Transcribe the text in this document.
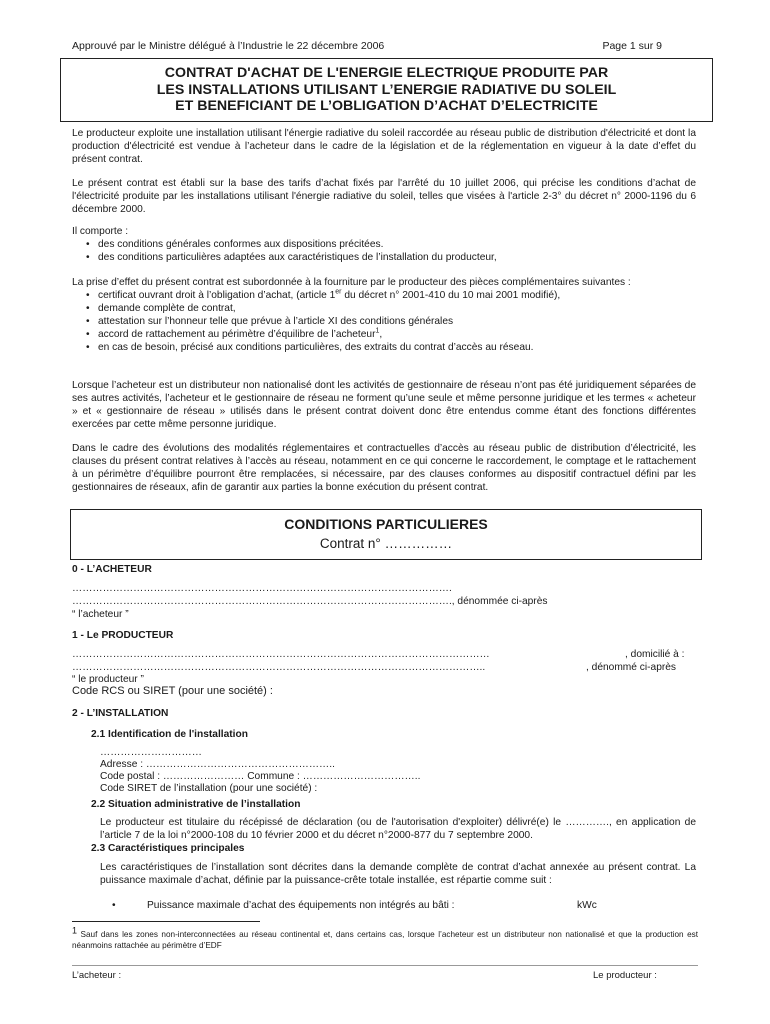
Approuvé par le Ministre délégué à l’Industrie le 22 décembre 2006	Page 1 sur 9
CONTRAT D'ACHAT DE L'ENERGIE ELECTRIQUE PRODUITE PAR
LES INSTALLATIONS UTILISANT L’ENERGIE RADIATIVE DU SOLEIL
ET BENEFICIANT DE L’OBLIGATION D’ACHAT D’ELECTRICITE
Le producteur exploite une installation utilisant l'énergie radiative du soleil raccordée au réseau public de distribution d'électricité et dont la production d'électricité est vendue à l’acheteur dans le cadre de la législation et de la réglementation en vigueur à la date d’effet du présent contrat.
Le présent contrat est établi sur la base des tarifs d’achat fixés par l'arrêté du 10 juillet 2006, qui précise les conditions d’achat de l'électricité produite par les installations utilisant l'énergie radiative du soleil, telles que visées à l'article 2-3° du décret n° 2000-1196 du 6 décembre 2000.
Il comporte :
• des conditions générales conformes aux dispositions précitées.
• des conditions particulières adaptées aux caractéristiques de l’installation du producteur,
La prise d’effet du présent contrat est subordonnée à la fourniture par le producteur des pièces complémentaires suivantes :
• certificat ouvrant droit à l’obligation d’achat, (article 1er du décret n° 2001-410 du 10 mai 2001 modifié),
• demande complète de contrat,
• attestation sur l’honneur telle que prévue à l’article XI des conditions générales
• accord de rattachement au périmètre d’équilibre de l’acheteur$^1$,
• en cas de besoin, précisé aux conditions particulières, des extraits du contrat d’accès au réseau.
Lorsque l’acheteur est un distributeur non nationalisé dont les activités de gestionnaire de réseau n’ont pas été juridiquement séparées de ses autres activités, l’acheteur et le gestionnaire de réseau ne forment qu’une seule et même personne juridique et les termes « acheteur » et « gestionnaire de réseau » utilisés dans le présent contrat doivent donc être entendus comme étant des fonctions différentes exercées par cette même personne juridique.
Dans le cadre des évolutions des modalités réglementaires et contractuelles d’accès au réseau public de distribution d’électricité, les clauses du présent contrat relatives à l’accès au réseau, notamment en ce qui concerne le raccordement, le comptage et le rattachement à un périmètre d’équilibre pourront être remplacées, si nécessaire, par des clauses conformes au dispositif contractuel défini par les gestionnaires de réseaux, afin de garantir aux parties la bonne exécution du présent contrat.
CONDITIONS PARTICULIERES
Contrat n° ……………
0 - L’ACHETEUR
………………………………………………………………………………………………….
…………………………………………………………………………………………………., dénommée ci-après
“ l’acheteur ”
1 - Le PRODUCTEUR
……………………………………………………………………………………………………………	, domicilié à :
…………………………………………………………………………………………………………..	, dénommé ci-après
“ le producteur ”
Code RCS ou SIRET (pour une société) :
2 - L’INSTALLATION
2.1 Identification de l'installation
…………………………
Adresse : ………………………………………………..
Code postal : …………………… Commune : ……………………………..
Code SIRET de l’installation (pour une société) :
2.2 Situation administrative de l’installation
Le producteur est titulaire du récépissé de déclaration (ou de l'autorisation d'exploiter) délivré(e) le …………., en application de l’article 7 de la loi n°2000-108 du 10 février 2000 et du décret n°2000-877 du 7 septembre 2000.
2.3 Caractéristiques principales
Les caractéristiques de l’installation sont décrites dans la demande complète de contrat d’achat annexée au présent contrat. La puissance maximale d’achat, définie par la puissance-crête totale installée, est répartie comme suit :
•	Puissance maximale d’achat des équipements non intégrés au bâti :	kWc
$^1$ Sauf dans les zones non-interconnectées au réseau continental et, dans certains cas, lorsque l’acheteur est un distributeur non nationalisé et que la production est néanmoins rattachée au périmètre d’EDF
L’acheteur :	Le producteur :
